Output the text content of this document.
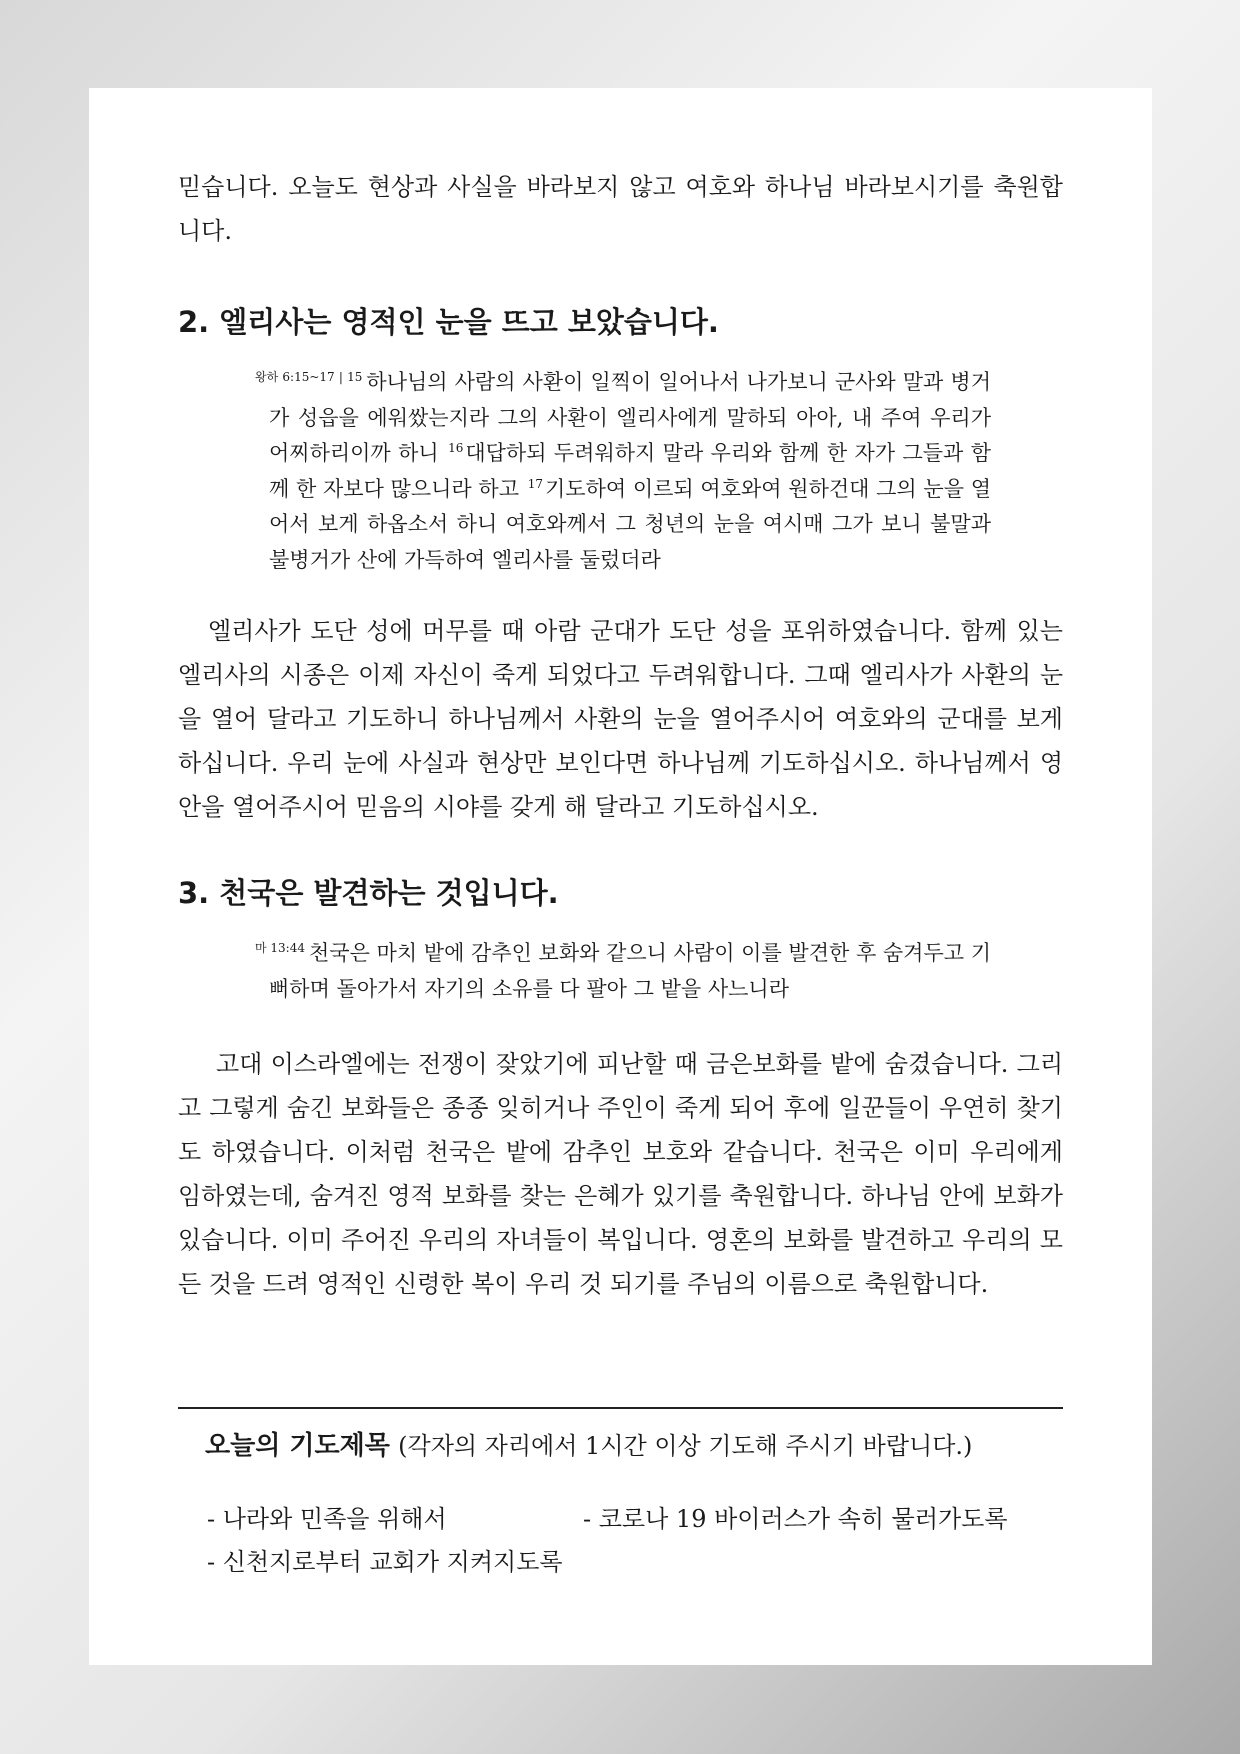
믿습니다. 오늘도 현상과 사실을 바라보지 않고 여호와 하나님 바라보시기를 축원합니다.

2. 엘리사는 영적인 눈을 뜨고 보았습니다.
$^{왕하 6:15\sim 17 | 15}$ 하나님의 사람의 사환이 일찍이 일어나서 나가보니 군사와 말과 병거가 성읍을 에워쌌는지라 그의 사환이 엘리사에게 말하되 아아, 내 주여 우리가 어찌하리이까 하니 $^{16}$대답하되 두려워하지 말라 우리와 함께 한 자가 그들과 함께 한 자보다 많으니라 하고 $^{17}$기도하여 이르되 여호와여 원하건대 그의 눈을 열어서 보게 하옵소서 하니 여호와께서 그 청년의 눈을 여시매 그가 보니 불말과 불병거가 산에 가득하여 엘리사를 둘렀더라

엘리사가 도단 성에 머무를 때 아람 군대가 도단 성을 포위하였습니다. 함께 있는 엘리사의 시종은 이제 자신이 죽게 되었다고 두려워합니다. 그때 엘리사가 사환의 눈을 열어 달라고 기도하니 하나님께서 사환의 눈을 열어주시어 여호와의 군대를 보게 하십니다. 우리 눈에 사실과 현상만 보인다면 하나님께 기도하십시오. 하나님께서 영안을 열어주시어 믿음의 시야를 갖게 해 달라고 기도하십시오.

3. 천국은 발견하는 것입니다.
$^{마 13:44}$ 천국은 마치 밭에 감추인 보화와 같으니 사람이 이를 발견한 후 숨겨두고 기뻐하며 돌아가서 자기의 소유를 다 팔아 그 밭을 사느니라

고대 이스라엘에는 전쟁이 잦았기에 피난할 때 금은보화를 밭에 숨겼습니다. 그리고 그렇게 숨긴 보화들은 종종 잊히거나 주인이 죽게 되어 후에 일꾼들이 우연히 찾기도 하였습니다. 이처럼 천국은 밭에 감추인 보호와 같습니다. 천국은 이미 우리에게 임하였는데, 숨겨진 영적 보화를 찾는 은혜가 있기를 축원합니다. 하나님 안에 보화가 있습니다. 이미 주어진 우리의 자녀들이 복입니다. 영혼의 보화를 발견하고 우리의 모든 것을 드려 영적인 신령한 복이 우리 것 되기를 주님의 이름으로 축원합니다.

오늘의 기도제목 (각자의 자리에서 1시간 이상 기도해 주시기 바랍니다.)

- 나라와 민족을 위해서	- 코로나 19 바이러스가 속히 물러가도록
- 신천지로부터 교회가 지켜지도록
